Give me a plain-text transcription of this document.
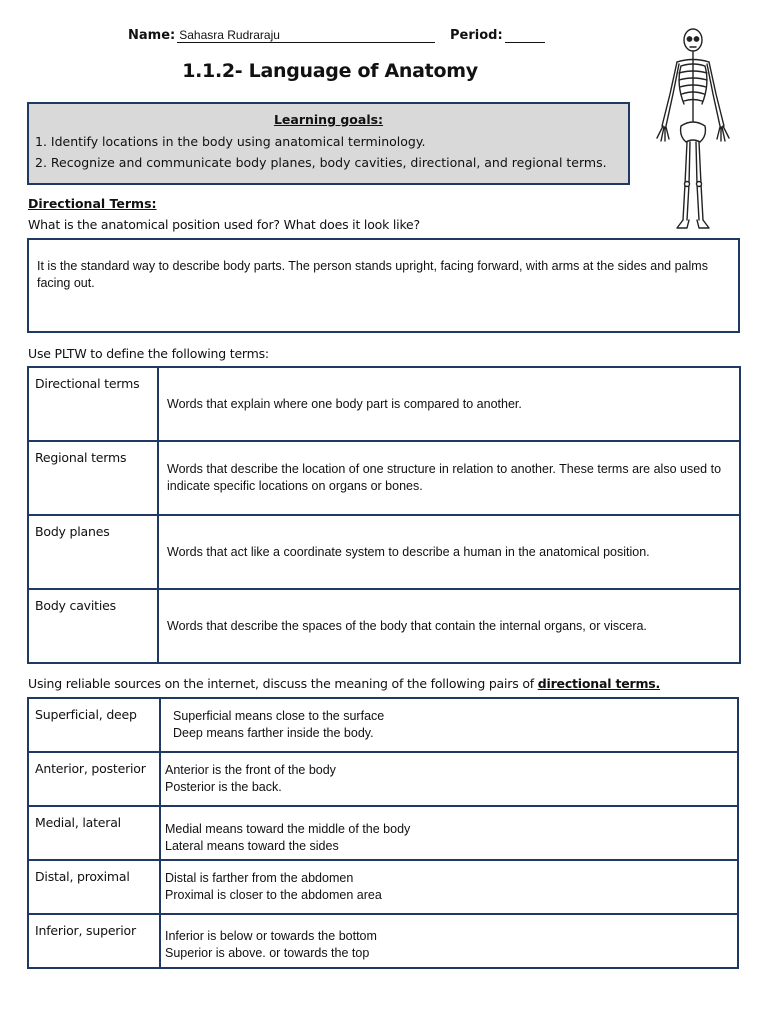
Name: Sahasra Rudraraju	Period:
1.1.2- Language of Anatomy
Learning goals:
1. Identify locations in the body using anatomical terminology.
2. Recognize and communicate body planes, body cavities, directional, and regional terms.
Directional Terms:
What is the anatomical position used for? What does it look like?
It is the standard way to describe body parts. The person stands upright, facing forward, with arms at the sides and palms facing out.
Use PLTW to define the following terms:
Directional terms	Words that explain where one body part is compared to another.
Regional terms	Words that describe the location of one structure in relation to another. These terms are also used to indicate specific locations on organs or bones.
Body planes	Words that act like a coordinate system to describe a human in the anatomical position.
Body cavities	Words that describe the spaces of the body that contain the internal organs, or viscera.
Using reliable sources on the internet, discuss the meaning of the following pairs of directional terms.
Superficial, deep	Superficial means close to the surface
Deep means farther inside the body.

Anterior, posterior	Anterior is the front of the body
Posterior is the back.

Medial, lateral	Medial means toward the middle of the body
Lateral means toward the sides

Distal, proximal	Distal is farther from the abdomen
Proximal is closer to the abdomen area

Inferior, superior	Inferior is below or towards the bottom
Superior is above. or towards the top
